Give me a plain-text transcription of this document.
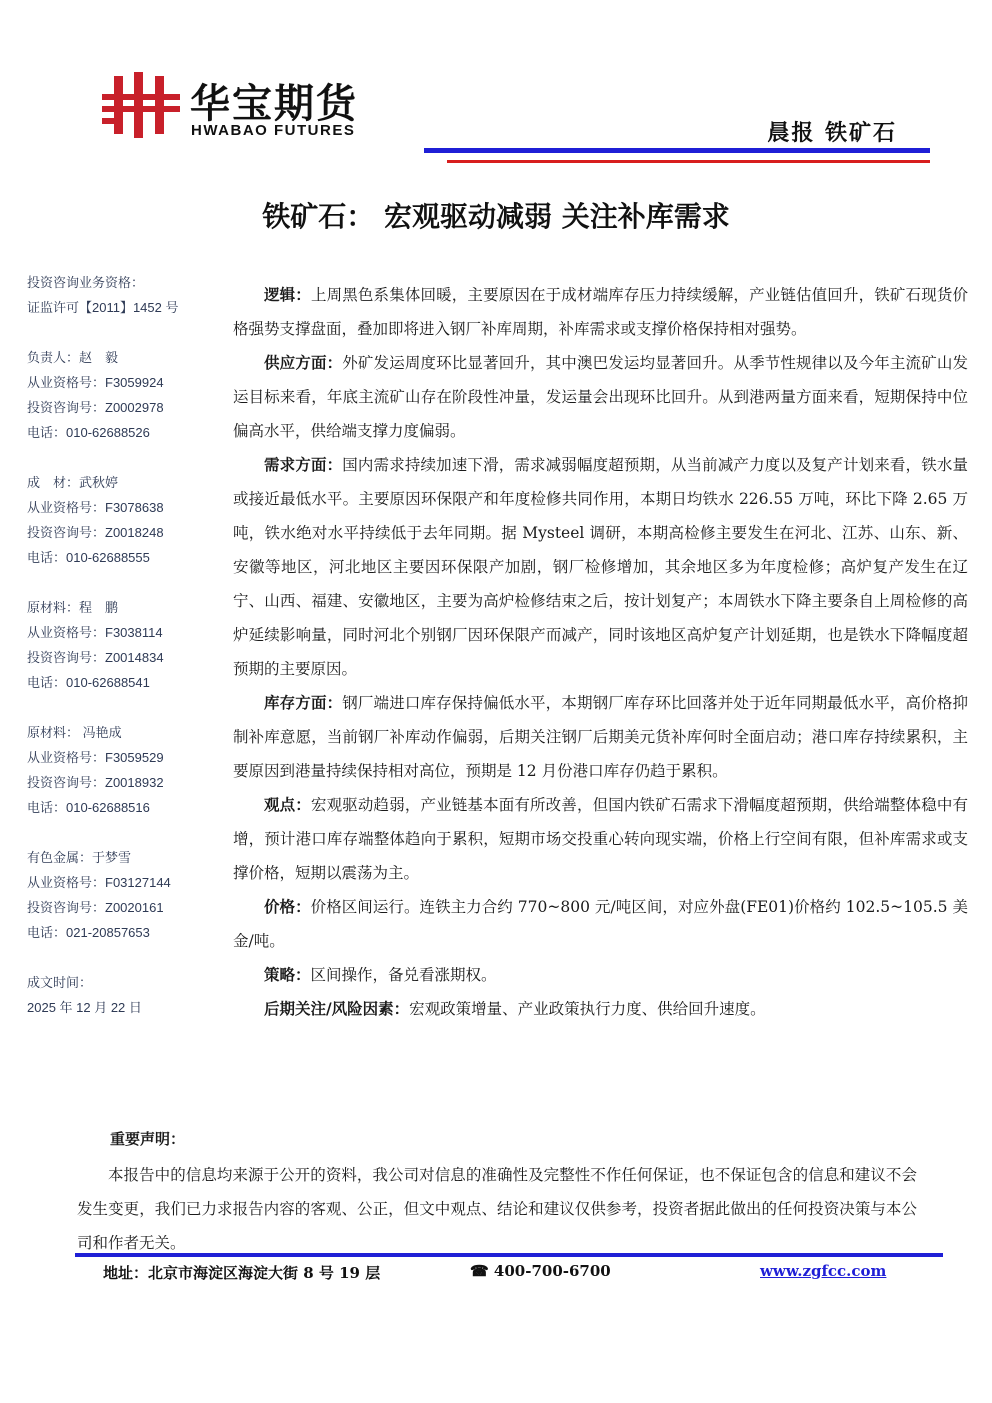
华宝期货
HWABAO FUTURES	晨报 铁矿石
铁矿石： 宏观驱动减弱 关注补库需求
投资咨询业务资格：
证监许可【2011】1452 号
负责人：赵　毅
从业资格号：F3059924
投资咨询号：Z0002978
电话：010-62688526
成　材：武秋婷
从业资格号：F3078638
投资咨询号：Z0018248
电话：010-62688555
原材料：程　鹏
从业资格号：F3038114
投资咨询号：Z0014834
电话：010-62688541
原材料： 冯艳成
从业资格号：F3059529
投资咨询号：Z0018932
电话：010-62688516
有色金属：于梦雪
从业资格号：F03127144
投资咨询号：Z0020161
电话：021-20857653
成文时间：
2025 年 12 月 22 日

逻辑：上周黑色系集体回暖，主要原因在于成材端库存压力持续缓解，产业链估值回升，铁矿石现货价格强势支撑盘面，叠加即将进入钢厂补库周期，补库需求或支撑价格保持相对强势。

供应方面：外矿发运周度环比显著回升，其中澳巴发运均显著回升。从季节性规律以及今年主流矿山发运目标来看，年底主流矿山存在阶段性冲量，发运量会出现环比回升。从到港两量方面来看，短期保持中位偏高水平，供给端支撑力度偏弱。

需求方面：国内需求持续加速下滑，需求减弱幅度超预期，从当前减产力度以及复产计划来看，铁水量或接近最低水平。主要原因环保限产和年度检修共同作用，本期日均铁水 226.55 万吨，环比下降 2.65 万吨，铁水绝对水平持续低于去年同期。据 Mysteel 调研，本期高检修主要发生在河北、江苏、山东、新、安徽等地区，河北地区主要因环保限产加剧，钢厂检修增加，其余地区多为年度检修；高炉复产发生在辽宁、山西、福建、安徽地区，主要为高炉检修结束之后，按计划复产；本周铁水下降主要条自上周检修的高炉延续影响量，同时河北个别钢厂因环保限产而减产，同时该地区高炉复产计划延期，也是铁水下降幅度超预期的主要原因。

库存方面：钢厂端进口库存保持偏低水平，本期钢厂库存环比回落并处于近年同期最低水平，高价格抑制补库意愿，当前钢厂补库动作偏弱，后期关注钢厂后期美元货补库何时全面启动；港口库存持续累积，主要原因到港量持续保持相对高位，预期是 12 月份港口库存仍趋于累积。

观点：宏观驱动趋弱，产业链基本面有所改善，但国内铁矿石需求下滑幅度超预期，供给端整体稳中有增，预计港口库存端整体趋向于累积，短期市场交投重心转向现实端，价格上行空间有限，但补库需求或支撑价格，短期以震荡为主。

价格：价格区间运行。连铁主力合约 770~800 元/吨区间，对应外盘(FE01)价格约 102.5~105.5 美金/吨。

策略：区间操作，备兑看涨期权。

后期关注/风险因素：宏观政策增量、产业政策执行力度、供给回升速度。

重要声明：
本报告中的信息均来源于公开的资料，我公司对信息的准确性及完整性不作任何保证，也不保证包含的信息和建议不会发生变更，我们已力求报告内容的客观、公正，但文中观点、结论和建议仅供参考，投资者据此做出的任何投资决策与本公司和作者无关。
地址：北京市海淀区海淀大街 8 号 19 层	☎ 400-700-6700	www.zgfcc.com
